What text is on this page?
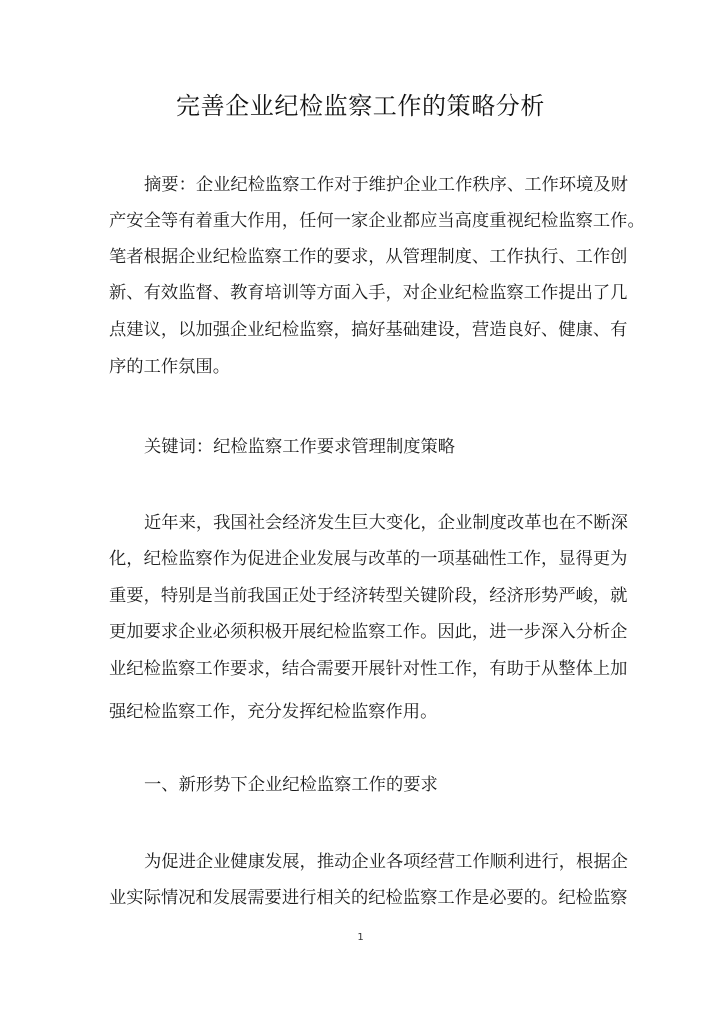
完善企业纪检监察工作的策略分析
摘要：企业纪检监察工作对于维护企业工作秩序、工作环境及财
产安全等有着重大作用，任何一家企业都应当高度重视纪检监察工作。
笔者根据企业纪检监察工作的要求，从管理制度、工作执行、工作创
新、有效监督、教育培训等方面入手，对企业纪检监察工作提出了几
点建议，以加强企业纪检监察，搞好基础建设，营造良好、健康、有
序的工作氛围。
关键词：纪检监察工作要求管理制度策略
近年来，我国社会经济发生巨大变化，企业制度改革也在不断深
化，纪检监察作为促进企业发展与改革的一项基础性工作，显得更为
重要，特别是当前我国正处于经济转型关键阶段，经济形势严峻，就
更加要求企业必须积极开展纪检监察工作。因此，进一步深入分析企
业纪检监察工作要求，结合需要开展针对性工作，有助于从整体上加
强纪检监察工作，充分发挥纪检监察作用。
一、新形势下企业纪检监察工作的要求
为促进企业健康发展，推动企业各项经营工作顺利进行，根据企
业实际情况和发展需要进行相关的纪检监察工作是必要的。纪检监察
1
